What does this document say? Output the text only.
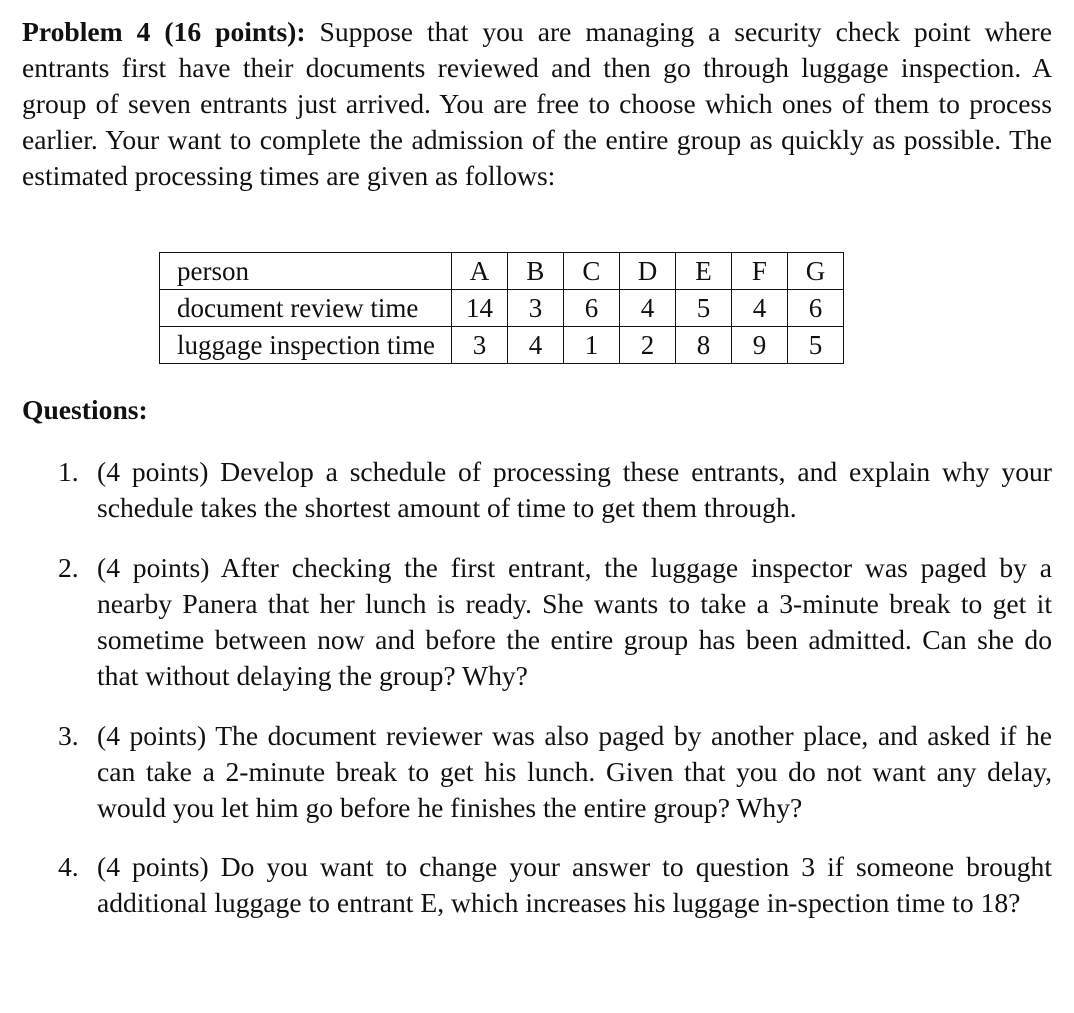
Problem 4 (16 points): Suppose that you are managing a security check point where entrants first have their documents reviewed and then go through luggage inspection. A group of seven entrants just arrived. You are free to choose which ones of them to process earlier. Your want to complete the admission of the entire group as quickly as possible. The estimated processing times are given as follows:

person	A	B	C	D	E	F	G
document review time	14	3	6	4	5	4	6
luggage inspection time	3	4	1	2	8	9	5

Questions:

1. (4 points) Develop a schedule of processing these entrants, and explain why your schedule takes the shortest amount of time to get them through.
2. (4 points) After checking the first entrant, the luggage inspector was paged by a nearby Panera that her lunch is ready. She wants to take a 3-minute break to get it sometime between now and before the entire group has been admitted. Can she do that without delaying the group? Why?
3. (4 points) The document reviewer was also paged by another place, and asked if he can take a 2-minute break to get his lunch. Given that you do not want any delay, would you let him go before he finishes the entire group? Why?
4. (4 points) Do you want to change your answer to question 3 if someone brought additional luggage to entrant E, which increases his luggage in-spection time to 18?
